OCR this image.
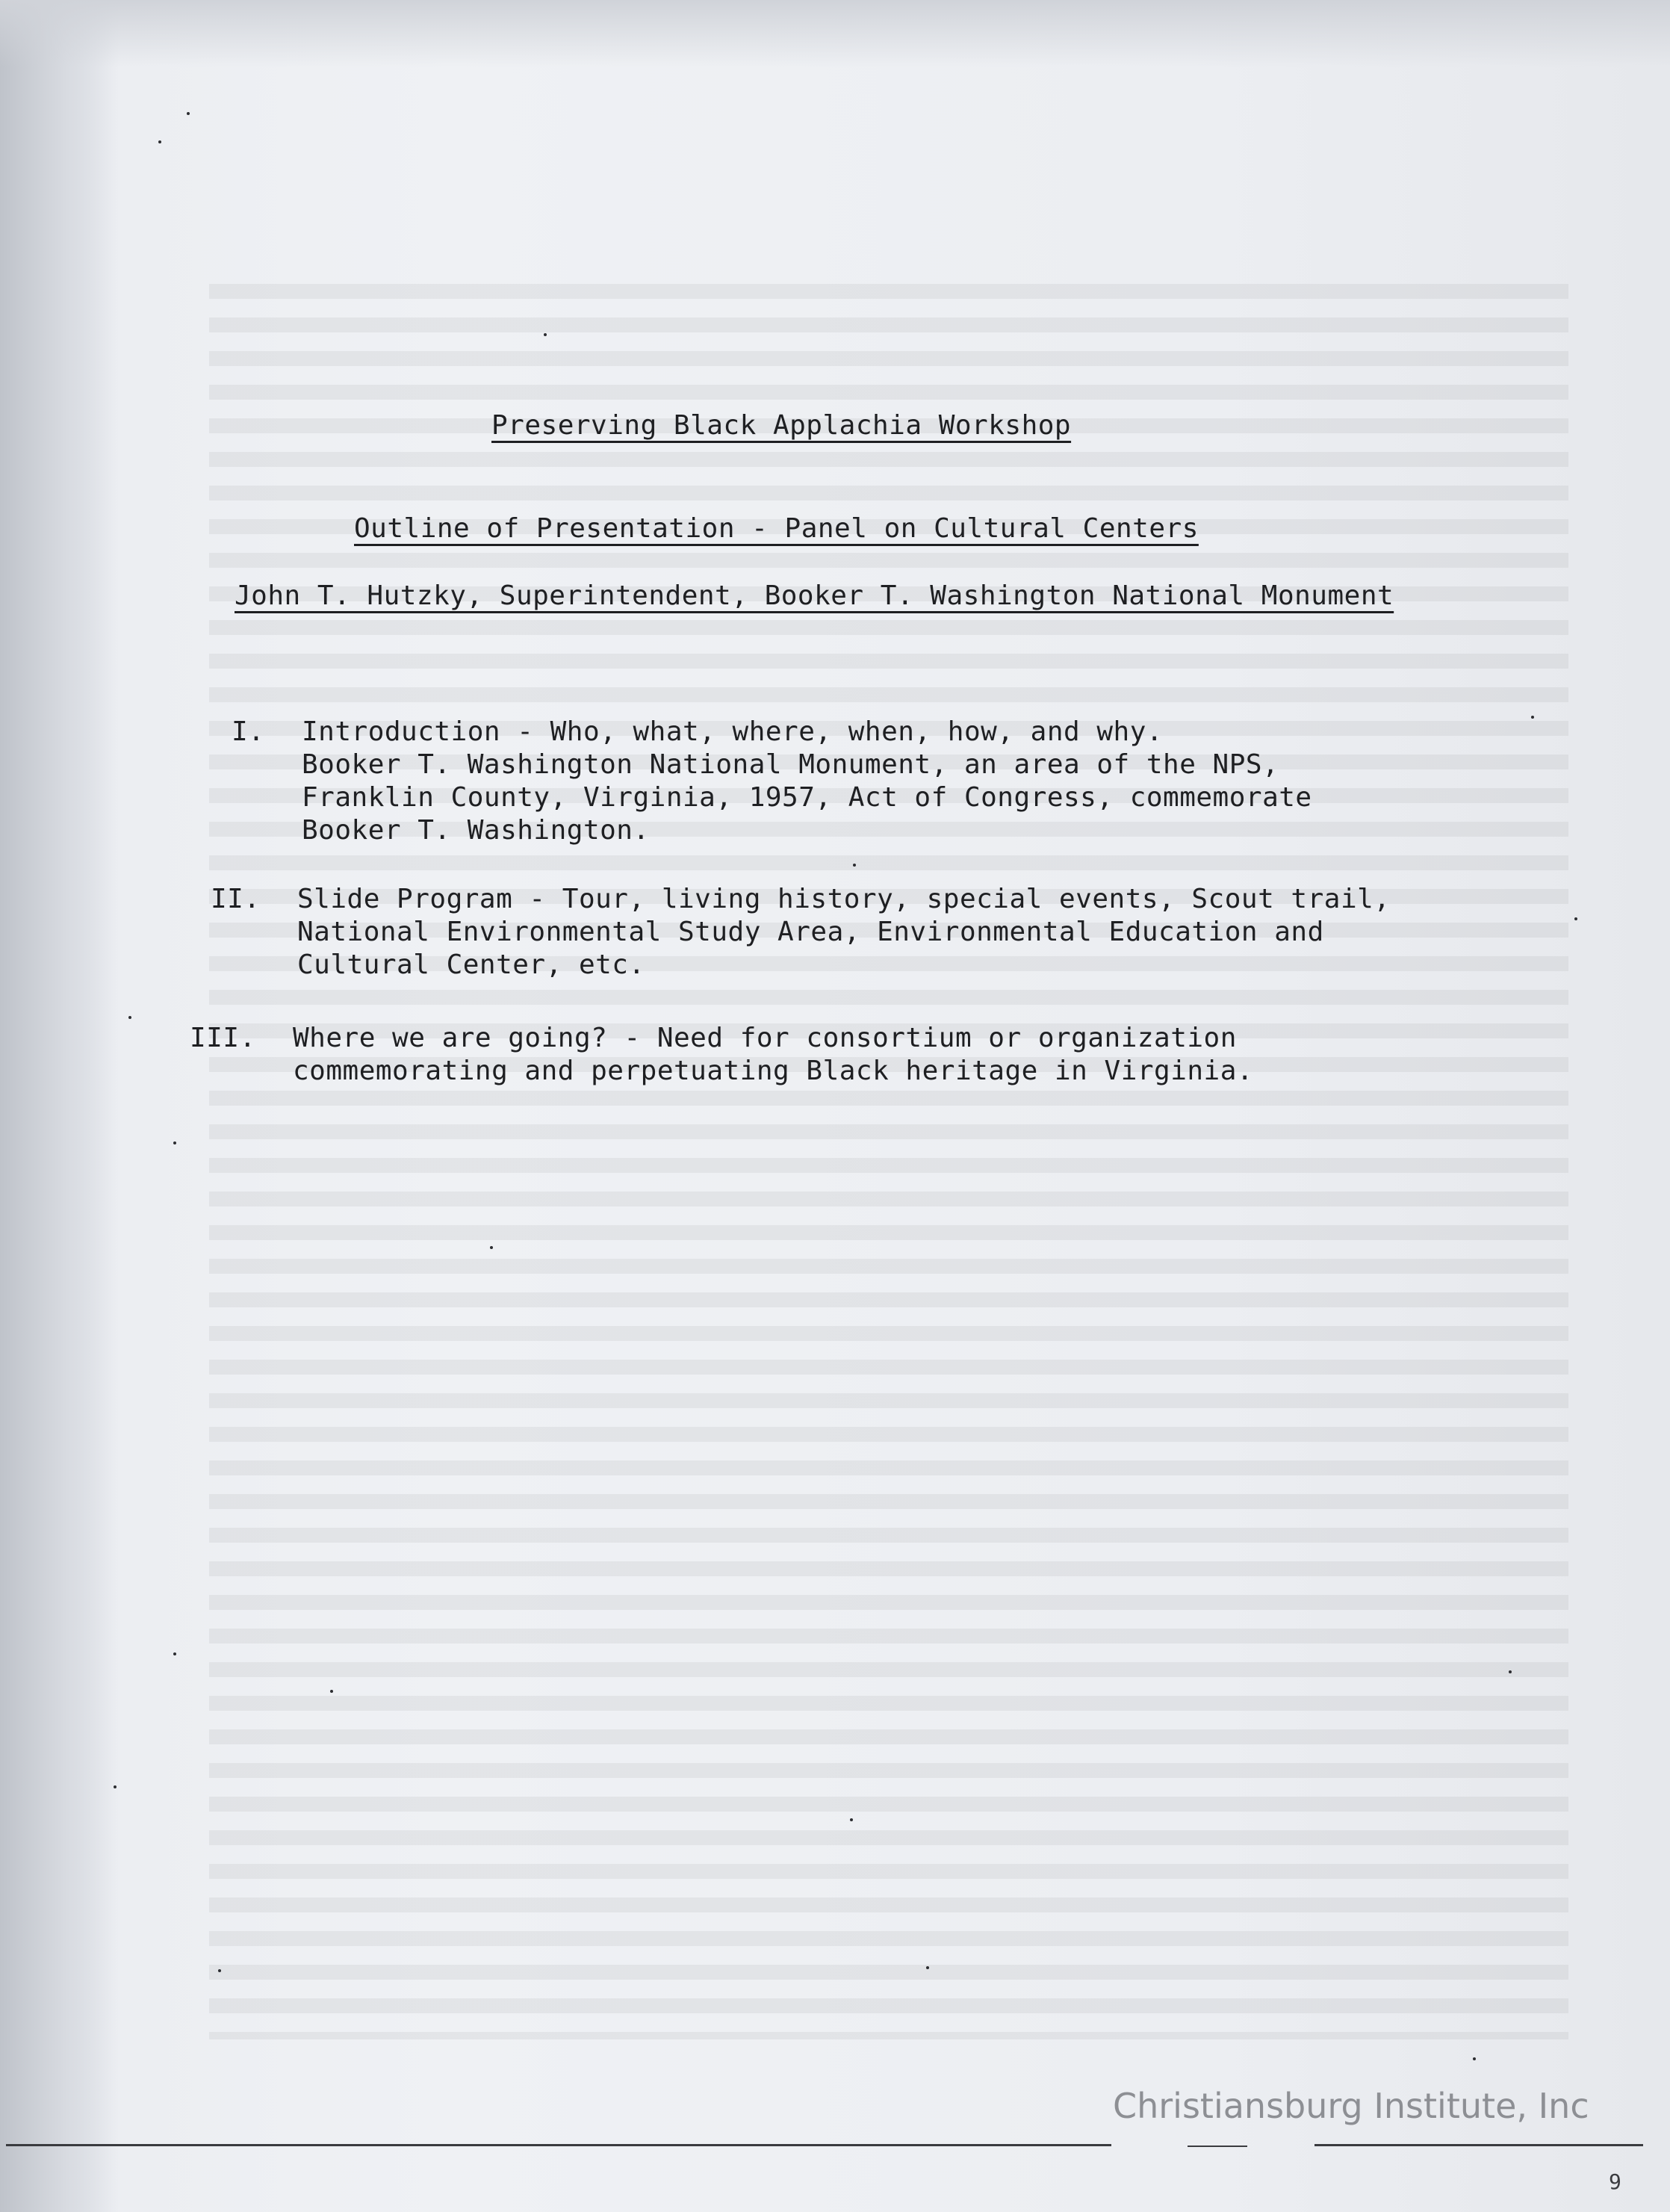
Preserving Black Applachia Workshop
Outline of Presentation - Panel on Cultural Centers
John T. Hutzky, Superintendent, Booker T. Washington National Monument
I. Introduction - Who, what, where, when, how, and why.
Booker T. Washington National Monument, an area of the NPS,
Franklin County, Virginia, 1957, Act of Congress, commemorate
Booker T. Washington.
II. Slide Program - Tour, living history, special events, Scout trail,
National Environmental Study Area, Environmental Education and
Cultural Center, etc.
III. Where we are going? - Need for consortium or organization
commemorating and perpetuating Black heritage in Virginia.
Christiansburg Institute, Inc
9
